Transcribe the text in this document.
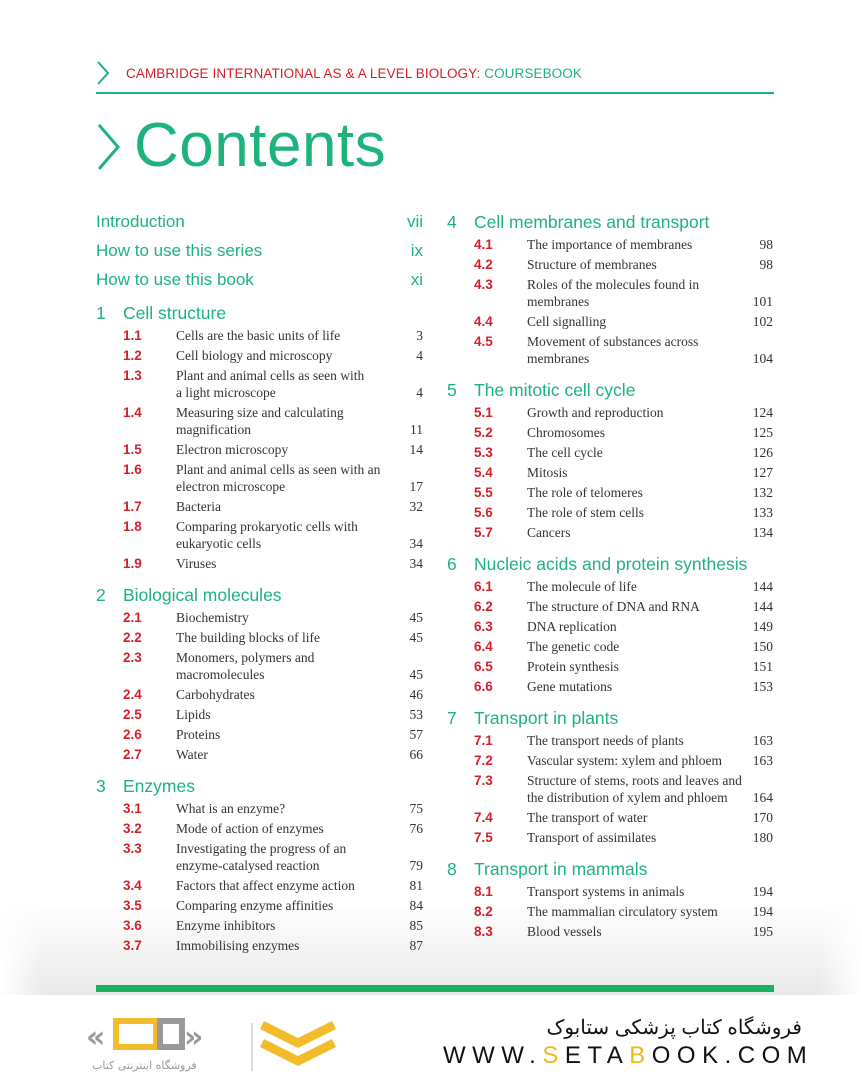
CAMBRIDGE INTERNATIONAL AS & A LEVEL BIOLOGY: COURSEBOOK
Contents
Introduction	vii
How to use this series	ix
How to use this book	xi
1 Cell structure
1.1	Cells are the basic units of life	3
1.2	Cell biology and microscopy	4
1.3	Plant and animal cells as seen with
a light microscope	4
1.4	Measuring size and calculating
magnification	11
1.5	Electron microscopy	14
1.6	Plant and animal cells as seen with an
electron microscope	17
1.7	Bacteria	32
1.8	Comparing prokaryotic cells with
eukaryotic cells	34
1.9	Viruses	34
2 Biological molecules
2.1	Biochemistry	45
2.2	The building blocks of life	45
2.3	Monomers, polymers and
macromolecules	45
2.4	Carbohydrates	46
2.5	Lipids	53
2.6	Proteins	57
2.7	Water	66
3 Enzymes
3.1	What is an enzyme?	75
3.2	Mode of action of enzymes	76
3.3	Investigating the progress of an
enzyme-catalysed reaction	79
3.4	Factors that affect enzyme action	81
3.5	Comparing enzyme affinities	84
3.6	Enzyme inhibitors	85
3.7	Immobilising enzymes	87
4 Cell membranes and transport
4.1	The importance of membranes	98
4.2	Structure of membranes	98
4.3	Roles of the molecules found in
membranes	101
4.4	Cell signalling	102
4.5	Movement of substances across
membranes	104
5 The mitotic cell cycle
5.1	Growth and reproduction	124
5.2	Chromosomes	125
5.3	The cell cycle	126
5.4	Mitosis	127
5.5	The role of telomeres	132
5.6	The role of stem cells	133
5.7	Cancers	134
6 Nucleic acids and protein synthesis
6.1	The molecule of life	144
6.2	The structure of DNA and RNA	144
6.3	DNA replication	149
6.4	The genetic code	150
6.5	Protein synthesis	151
6.6	Gene mutations	153
7 Transport in plants
7.1	The transport needs of plants	163
7.2	Vascular system: xylem and phloem	163
7.3	Structure of stems, roots and leaves and
the distribution of xylem and phloem	164
7.4	The transport of water	170
7.5	Transport of assimilates	180
8 Transport in mammals
8.1	Transport systems in animals	194
8.2	The mammalian circulatory system	194
8.3	Blood vessels	195
«	»
فروشگاه اینترنتی کتاب
فروشگاه کتاب پزشکی ستابوک
WWW.SETABOOK.COM
